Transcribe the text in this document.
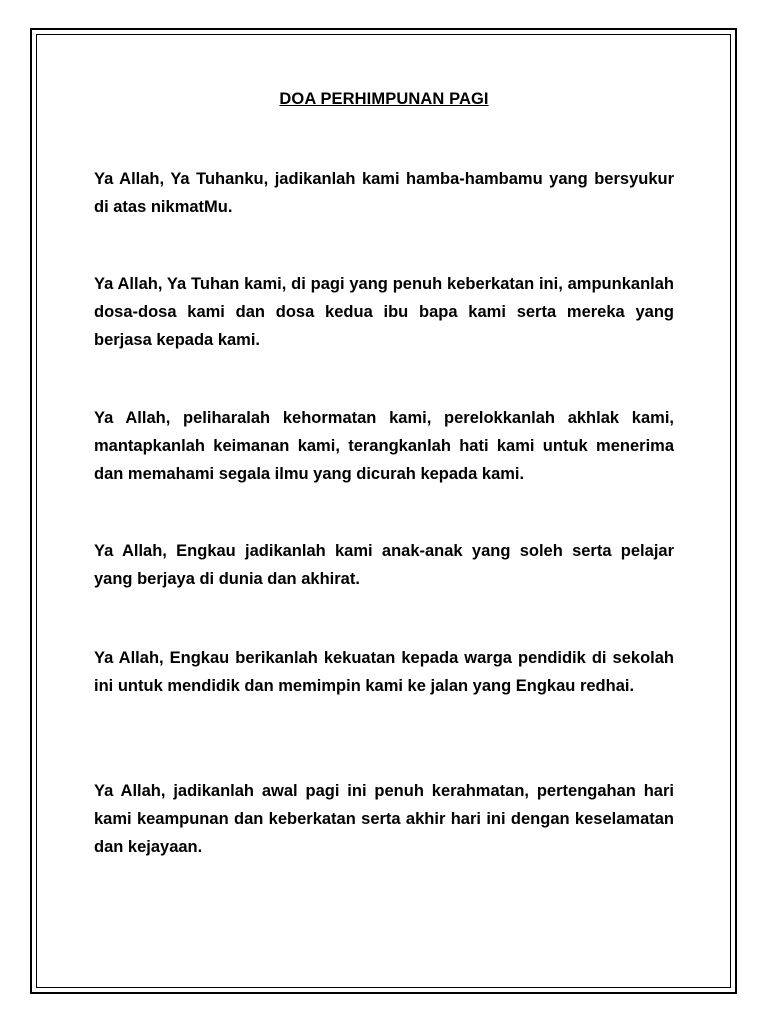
DOA PERHIMPUNAN PAGI

Ya Allah, Ya Tuhanku, jadikanlah kami hamba-hambamu yang bersyukur di atas nikmatMu.

Ya Allah, Ya Tuhan kami, di pagi yang penuh keberkatan ini, ampunkanlah dosa-dosa kami dan dosa kedua ibu bapa kami serta mereka yang berjasa kepada kami.

Ya Allah, peliharalah kehormatan kami, perelokkanlah akhlak kami, mantapkanlah keimanan kami, terangkanlah hati kami untuk menerima dan memahami segala ilmu yang dicurah kepada kami.

Ya Allah, Engkau jadikanlah kami anak-anak yang soleh serta pelajar yang berjaya di dunia dan akhirat.

Ya Allah, Engkau berikanlah kekuatan kepada warga pendidik di sekolah ini untuk mendidik dan memimpin kami ke jalan yang Engkau redhai.

Ya Allah, jadikanlah awal pagi ini penuh kerahmatan, pertengahan hari kami keampunan dan keberkatan serta akhir hari ini dengan keselamatan dan kejayaan.
